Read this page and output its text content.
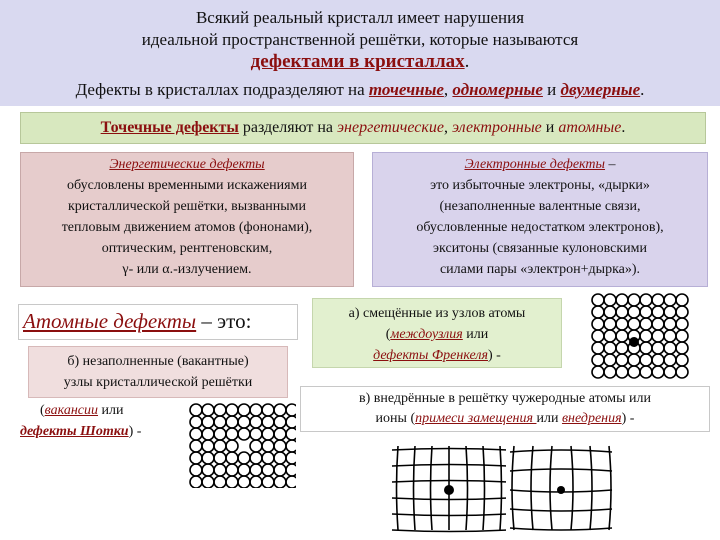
Всякий реальный кристалл имеет нарушения
идеальной пространственной решётки, которые называются
дефектами в кристаллах.
Дефекты в кристаллах подразделяют на точечные, одномерные и двумерные.
Точечные дефекты разделяют на энергетические, электронные и атомные.
Энергетические дефекты
обусловлены временными искажениями
кристаллической решётки, вызванными
тепловым движением атомов (фононами),
оптическим, рентгеновским,
γ- или α.-излучением.
Электронные дефекты –
это избыточные электроны, «дырки»
(незаполненные валентные связи,
обусловленные недостатком электронов),
экситоны (связанные кулоновскими
силами пары «электрон+дырка»).
Атомные дефекты – это:
б) незаполненные (вакантные)
узлы кристаллической решётки
(вакансии или
дефекты Шотки) -
а) смещённые из узлов атомы
(междоузлия или
дефекты Френкеля) -
в) внедрённые в решётку чужеродные атомы или
ионы (примеси замещения или внедрения) -
